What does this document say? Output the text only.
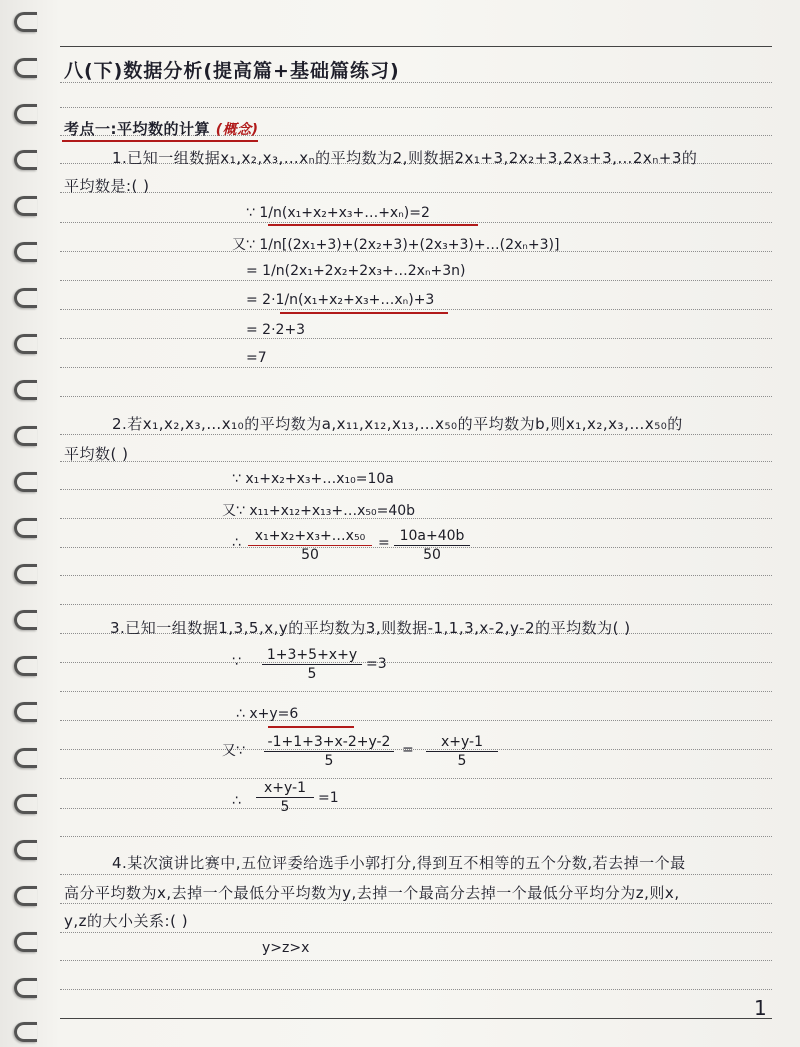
八(下)数据分析(提高篇+基础篇练习)
考点一:平均数的计算 (概念)
1.已知一组数据x₁,x₂,x₃,…xₙ的平均数为2,则数据2x₁+3,2x₂+3,2x₃+3,…2xₙ+3的
平均数是:( )
∵ 1/n(x₁+x₂+x₃+…+xₙ)=2
又∵ 1/n[(2x₁+3)+(2x₂+3)+(2x₃+3)+…(2xₙ+3)]
= 1/n(2x₁+2x₂+2x₃+…2xₙ+3n)
= 2·1/n(x₁+x₂+x₃+…xₙ)+3
= 2·2+3
=7
2.若x₁,x₂,x₃,…x₁₀的平均数为a,x₁₁,x₁₂,x₁₃,…x₅₀的平均数为b,则x₁,x₂,x₃,…x₅₀的
平均数( )
∵ x₁+x₂+x₃+…x₁₀=10a
又∵ x₁₁+x₁₂+x₁₃+…x₅₀=40b
∴ $\frac{\text{x₁+x₂+x₃+…x₅₀}}{50} = \frac{10a+40b}{50}$
3.已知一组数据1,3,5,x,y的平均数为3,则数据-1,1,3,x-2,y-2的平均数为( )
∵ $\frac{1+3+5+x+y}{5} =3$
∴ x+y=6
又∵ $\frac{-1+1+3+x-2+y-2}{5} = \frac{x+y-1}{5}$
∴ $\frac{x+y-1}{5} =1$
4.某次演讲比赛中,五位评委给选手小郭打分,得到互不相等的五个分数,若去掉一个最
高分平均数为x,去掉一个最低分平均数为y,去掉一个最高分去掉一个最低分平均分为z,则x,
y,z的大小关系:( )
y>z>x
1
